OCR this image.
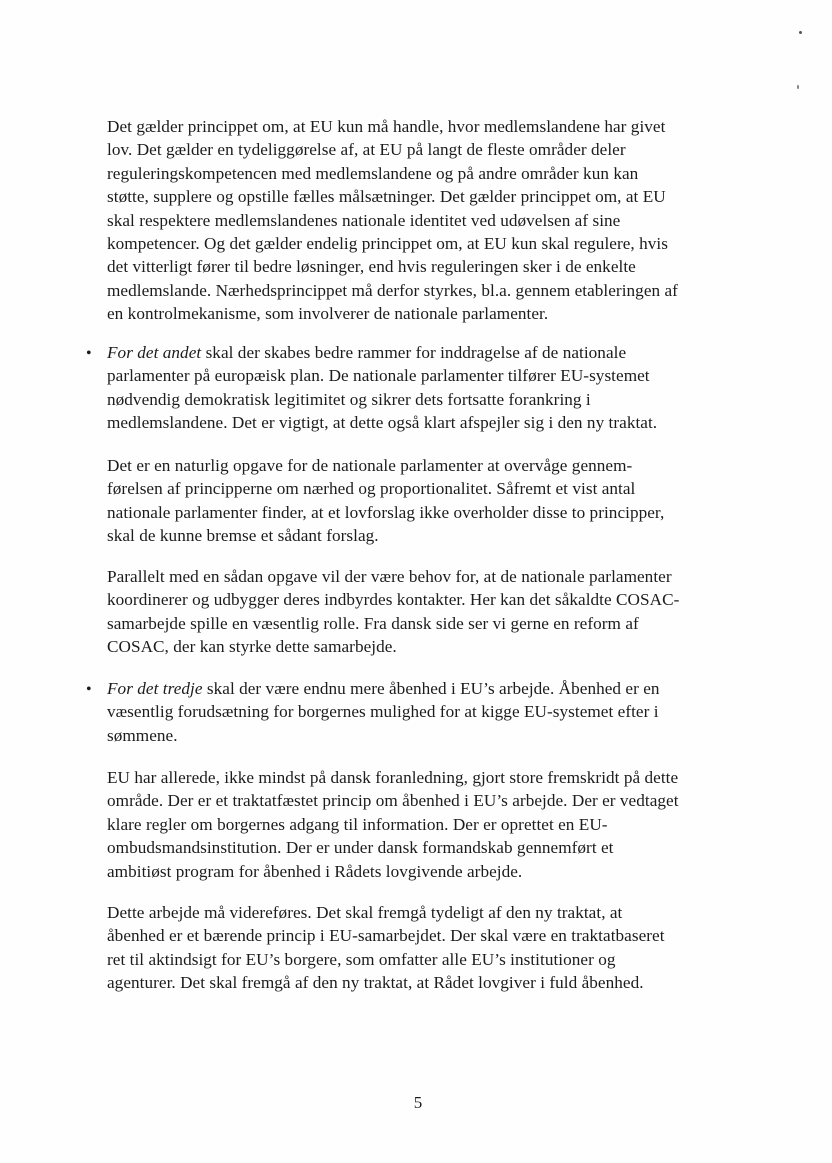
Det gælder princippet om, at EU kun må handle, hvor medlemslandene har givet
lov. Det gælder en tydeliggørelse af, at EU på langt de fleste områder deler
reguleringskompetencen med medlemslandene og på andre områder kun kan
støtte, supplere og opstille fælles målsætninger. Det gælder princippet om, at EU
skal respektere medlemslandenes nationale identitet ved udøvelsen af sine
kompetencer. Og det gælder endelig princippet om, at EU kun skal regulere, hvis
det vitterligt fører til bedre løsninger, end hvis reguleringen sker i de enkelte
medlemslande. Nærhedsprincippet må derfor styrkes, bl.a. gennem etableringen af
en kontrolmekanisme, som involverer de nationale parlamenter.
• For det andet skal der skabes bedre rammer for inddragelse af de nationale
parlamenter på europæisk plan. De nationale parlamenter tilfører EU-systemet
nødvendig demokratisk legitimitet og sikrer dets fortsatte forankring i
medlemslandene. Det er vigtigt, at dette også klart afspejler sig i den ny traktat.
Det er en naturlig opgave for de nationale parlamenter at overvåge gennem-
førelsen af principperne om nærhed og proportionalitet. Såfremt et vist antal
nationale parlamenter finder, at et lovforslag ikke overholder disse to principper,
skal de kunne bremse et sådant forslag.
Parallelt med en sådan opgave vil der være behov for, at de nationale parlamenter
koordinerer og udbygger deres indbyrdes kontakter. Her kan det såkaldte COSAC-
samarbejde spille en væsentlig rolle. Fra dansk side ser vi gerne en reform af
COSAC, der kan styrke dette samarbejde.
• For det tredje skal der være endnu mere åbenhed i EU’s arbejde. Åbenhed er en
væsentlig forudsætning for borgernes mulighed for at kigge EU-systemet efter i
sømmene.
EU har allerede, ikke mindst på dansk foranledning, gjort store fremskridt på dette
område. Der er et traktatfæstet princip om åbenhed i EU’s arbejde. Der er vedtaget
klare regler om borgernes adgang til information. Der er oprettet en EU-
ombudsmandsinstitution. Der er under dansk formandskab gennemført et
ambitiøst program for åbenhed i Rådets lovgivende arbejde.
Dette arbejde må videreføres. Det skal fremgå tydeligt af den ny traktat, at
åbenhed er et bærende princip i EU-samarbejdet. Der skal være en traktatbaseret
ret til aktindsigt for EU’s borgere, som omfatter alle EU’s institutioner og
agenturer. Det skal fremgå af den ny traktat, at Rådet lovgiver i fuld åbenhed.
5
